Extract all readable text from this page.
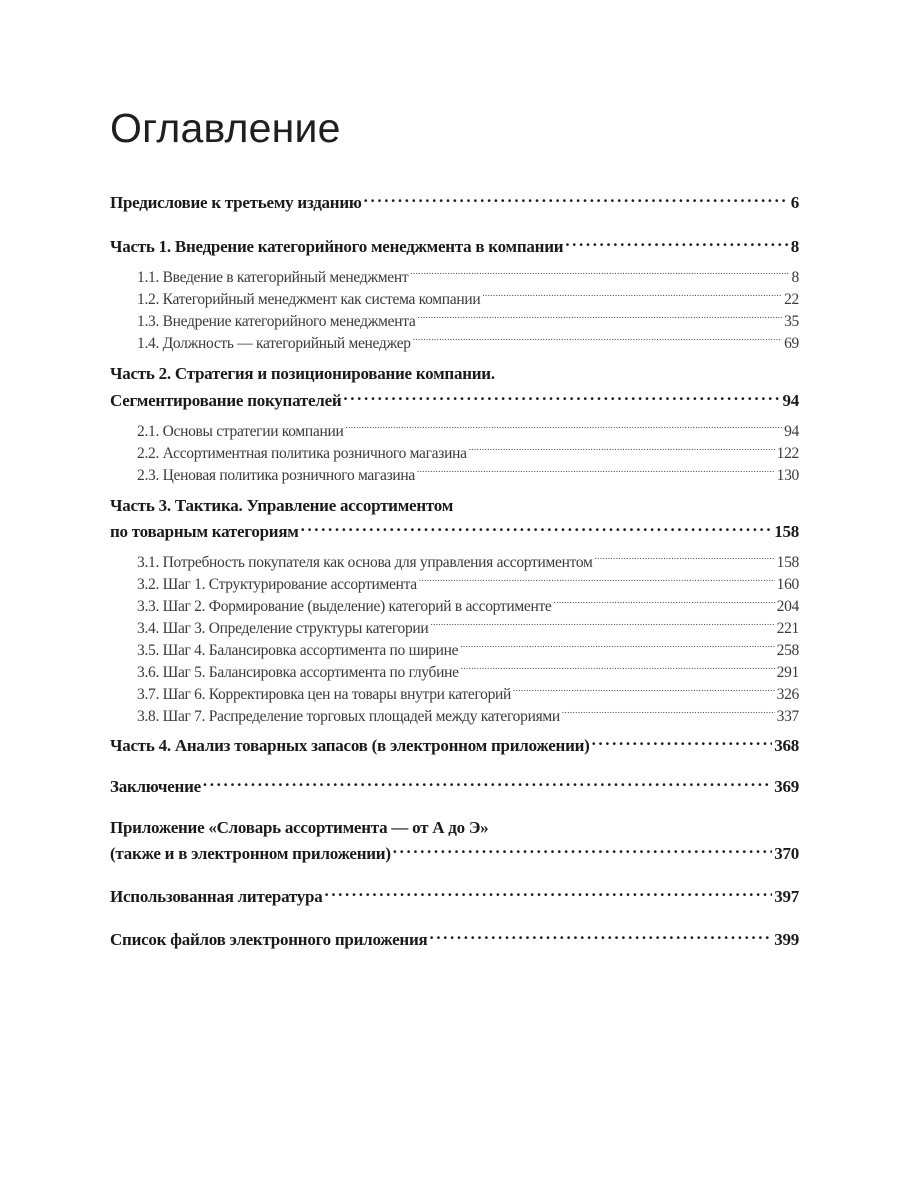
Оглавление
Предисловие к третьему изданию .....	6
Часть 1. Внедрение категорийного менеджмента в компании .....	8
1.1. Введение в категорийный менеджмент .....	8
1.2. Категорийный менеджмент как система компании .....	22
1.3. Внедрение категорийного менеджмента .....	35
1.4. Должность — категорийный менеджер .....	69
Часть 2. Стратегия и позиционирование компании.
Сегментирование покупателей .....	94
2.1. Основы стратегии компании .....	94
2.2. Ассортиментная политика розничного магазина .....	122
2.3. Ценовая политика розничного магазина .....	130
Часть 3. Тактика. Управление ассортиментом
по товарным категориям .....	158
3.1. Потребность покупателя как основа для управления ассортиментом .....	158
3.2. Шаг 1. Структурирование ассортимента .....	160
3.3. Шаг 2. Формирование (выделение) категорий в ассортименте .....	204
3.4. Шаг 3. Определение структуры категории .....	221
3.5. Шаг 4. Балансировка ассортимента по ширине .....	258
3.6. Шаг 5. Балансировка ассортимента по глубине .....	291
3.7. Шаг 6. Корректировка цен на товары внутри категорий .....	326
3.8. Шаг 7. Распределение торговых площадей между категориями .....	337
Часть 4. Анализ товарных запасов (в электронном приложении) .....	368
Заключение .....	369
Приложение «Словарь ассортимента — от А до Э»
(также и в электронном приложении) .....	370
Использованная литература .....	397
Список файлов электронного приложения .....	399
